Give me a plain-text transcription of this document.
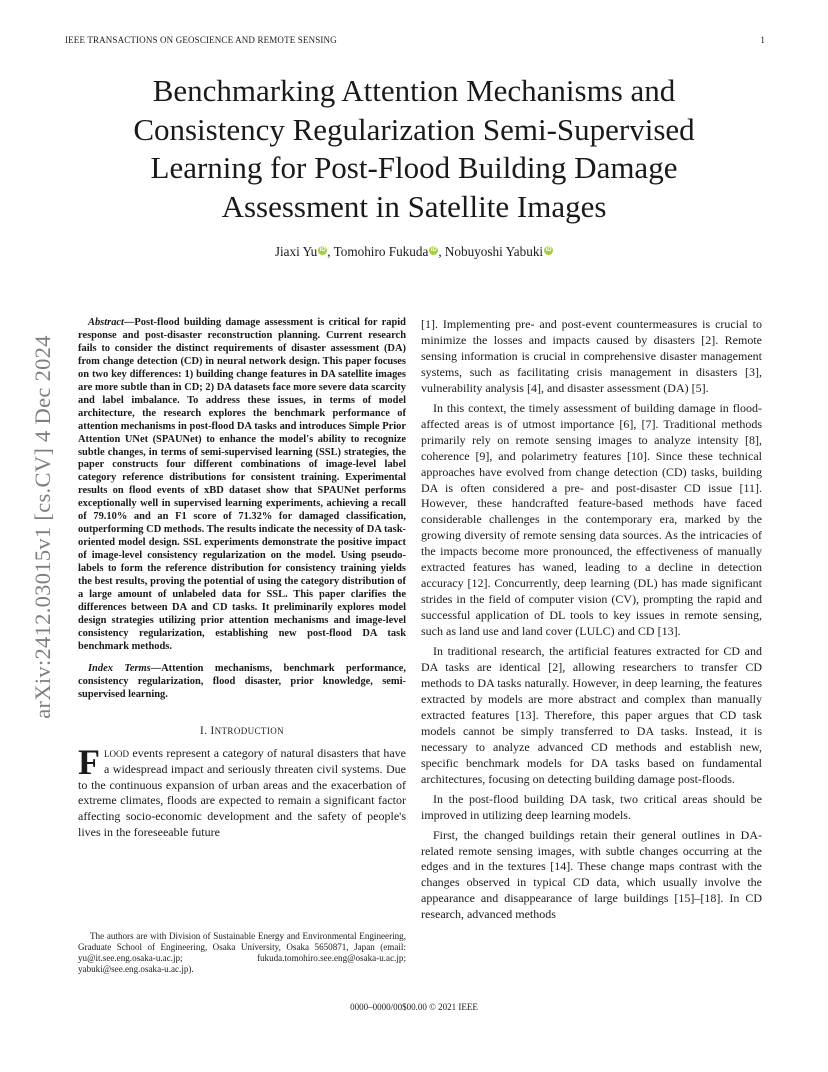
IEEE TRANSACTIONS ON GEOSCIENCE AND REMOTE SENSING	1
arXiv:2412.03015v1 [cs.CV] 4 Dec 2024
Benchmarking Attention Mechanisms and Consistency Regularization Semi-Supervised Learning for Post-Flood Building Damage Assessment in Satellite Images
Jiaxi Yu iD , Tomohiro Fukuda iD , Nobuyoshi Yabuki iD

Abstract—Post-flood building damage assessment is critical for rapid response and post-disaster reconstruction planning. Current research fails to consider the distinct requirements of disaster assessment (DA) from change detection (CD) in neural network design. This paper focuses on two key differences: 1) building change features in DA satellite images are more subtle than in CD; 2) DA datasets face more severe data scarcity and label imbalance. To address these issues, in terms of model architecture, the research explores the benchmark performance of attention mechanisms in post-flood DA tasks and introduces Simple Prior Attention UNet (SPAUNet) to enhance the model's ability to recognize subtle changes, in terms of semi-supervised learning (SSL) strategies, the paper constructs four different combinations of image-level label category reference distributions for consistent training. Experimental results on flood events of xBD dataset show that SPAUNet performs exceptionally well in supervised learning experiments, achieving a recall of 79.10% and an F1 score of 71.32% for damaged classification, outperforming CD methods. The results indicate the necessity of DA task-oriented model design. SSL experiments demonstrate the positive impact of image-level consistency regularization on the model. Using pseudo-labels to form the reference distribution for consistency training yields the best results, proving the potential of using the category distribution of a large amount of unlabeled data for SSL. This paper clarifies the differences between DA and CD tasks. It preliminarily explores model design strategies utilizing prior attention mechanisms and image-level consistency regularization, establishing new post-flood DA task benchmark methods.

Index Terms—Attention mechanisms, benchmark performance, consistency regularization, flood disaster, prior knowledge, semi-supervised learning.

I. INTRODUCTION

FLOOD events represent a category of natural disasters that have a widespread impact and seriously threaten civil systems. Due to the continuous expansion of urban areas and the exacerbation of extreme climates, floods are expected to remain a significant factor affecting socio-economic development and the safety of people's lives in the foreseeable future

[1]. Implementing pre- and post-event countermeasures is crucial to minimize the losses and impacts caused by disasters [2]. Remote sensing information is crucial in comprehensive disaster management systems, such as facilitating crisis management in disasters [3], vulnerability analysis [4], and disaster assessment (DA) [5].

In this context, the timely assessment of building damage in flood-affected areas is of utmost importance [6], [7]. Traditional methods primarily rely on remote sensing images to analyze intensity [8], coherence [9], and polarimetry features [10]. Since these technical approaches have evolved from change detection (CD) tasks, building DA is often considered a pre- and post-disaster CD issue [11]. However, these handcrafted feature-based methods have faced considerable challenges in the contemporary era, marked by the growing diversity of remote sensing data sources. As the intricacies of the impacts become more pronounced, the effectiveness of manually extracted features has waned, leading to a decline in detection accuracy [12]. Concurrently, deep learning (DL) has made significant strides in the field of computer vision (CV), prompting the rapid and successful application of DL tools to key issues in remote sensing, such as land use and land cover (LULC) and CD [13].

In traditional research, the artificial features extracted for CD and DA tasks are identical [2], allowing researchers to transfer CD methods to DA tasks naturally. However, in deep learning, the features extracted by models are more abstract and complex than manually extracted features [13]. Therefore, this paper argues that CD task models cannot be simply transferred to DA tasks. Instead, it is necessary to analyze advanced CD methods and establish new, specific benchmark models for DA tasks based on fundamental architectures, focusing on detecting building damage post-floods.

In the post-flood building DA task, two critical areas should be improved in utilizing deep learning models.

First, the changed buildings retain their general outlines in DA-related remote sensing images, with subtle changes occurring at the edges and in the textures [14]. These change maps contrast with the changes observed in typical CD data, which usually involve the appearance and disappearance of large buildings [15]–[18]. In CD research, advanced methods

The authors are with Division of Sustainable Energy and Environmental Engineering, Graduate School of Engineering, Osaka University, Osaka 5650871, Japan (email: yu@it.see.eng.osaka-u.ac.jp; fukuda.tomohiro.see.eng@osaka-u.ac.jp; yabuki@see.eng.osaka-u.ac.jp).

0000–0000/00$00.00 © 2021 IEEE
